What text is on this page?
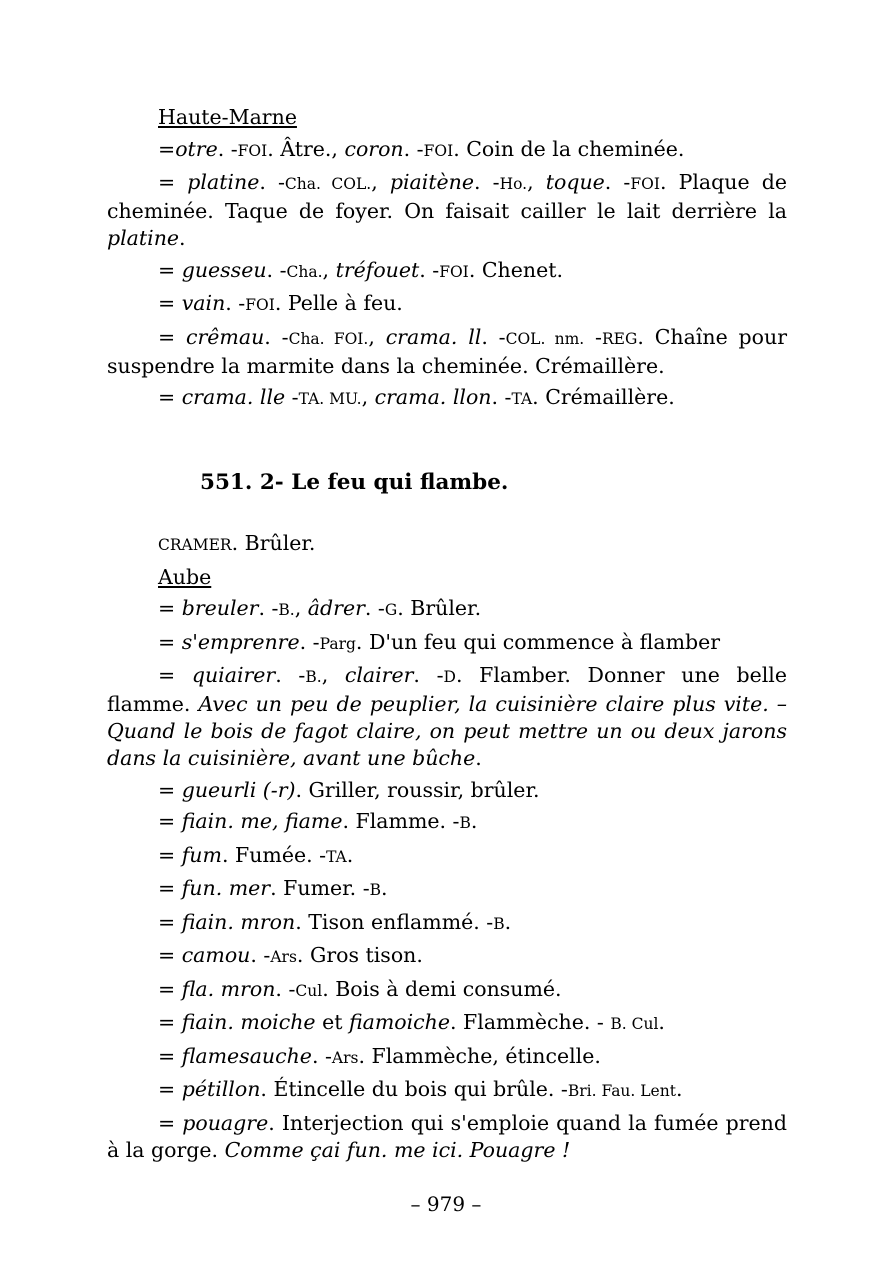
Haute-Marne

=otre. -FOI. Âtre., coron. -FOI. Coin de la cheminée.

= platine. -Cha. COL., piaitène. -Ho., toque. -FOI. Plaque de cheminée. Taque de foyer. On faisait cailler le lait derrière la platine.

= guesseu. -Cha., tréfouet. -FOI. Chenet.

= vain. -FOI. Pelle à feu.

= crêmau. -Cha. FOI., crama. ll. -COL. nm. -REG. Chaîne pour suspendre la marmite dans la cheminée. Crémaillère.

= crama. lle -TA. MU., crama. llon. -TA. Crémaillère.

551. 2- Le feu qui flambe.

CRAMER. Brûler.

Aube

= breuler. -B., âdrer. -G. Brûler.

= s'emprenre. -Parg. D'un feu qui commence à flamber

= quiairer. -B., clairer. -D. Flamber. Donner une belle flamme. Avec un peu de peuplier, la cuisinière claire plus vite. – Quand le bois de fagot claire, on peut mettre un ou deux jarons dans la cuisinière, avant une bûche.

= gueurli (-r). Griller, roussir, brûler.

= fiain. me, fiame. Flamme. -B.

= fum. Fumée. -TA.

= fun. mer. Fumer. -B.

= fiain. mron. Tison enflammé. -B.

= camou. -Ars. Gros tison.

= fla. mron. -Cul. Bois à demi consumé.

= fiain. moiche et fiamoiche. Flammèche. - B. Cul.

= flamesauche. -Ars. Flammèche, étincelle.

= pétillon. Étincelle du bois qui brûle. -Bri. Fau. Lent.

= pouagre. Interjection qui s'emploie quand la fumée prend à la gorge. Comme çai fun. me ici. Pouagre !

– 979 –
